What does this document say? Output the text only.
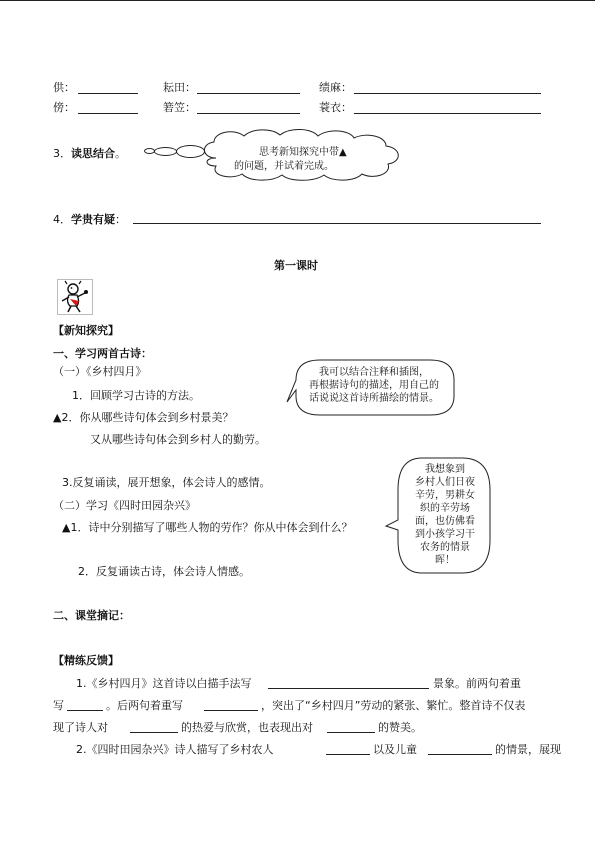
供：	耘田：	绩麻：
傍：	箬笠：	蓑衣：
3．读思结合。	思考新知探究中带▲
的问题，并试着完成。
4．学贵有疑：
第一课时
【新知探究】
一、学习两首古诗：
（一）《乡村四月》
1．回顾学习古诗的方法。
▲2．你从哪些诗句体会到乡村景美？
又从哪些诗句体会到乡村人的勤劳。
我可以结合注释和插图，
再根据诗句的描述，用自己的
话说说这首诗所描绘的情景。
3.反复诵读，展开想象，体会诗人的感情。
（二）学习《四时田园杂兴》
▲1．诗中分别描写了哪些人物的劳作？你从中体会到什么？
2．反复诵读古诗，体会诗人情感。
我想象到
乡村人们日夜
辛劳，男耕女
织的辛劳场
面，也仿佛看
到小孩学习干
农务的情景
晖！
二、课堂摘记：
【精练反馈】
1.《乡村四月》这首诗以白描手法写	景象。前两句着重
写	。后两句着重写	，突出了“乡村四月”劳动的紧张、繁忙。整首诗不仅表
现了诗人对	的热爱与欣赏，也表现出对	的赞美。
2.《四时田园杂兴》诗人描写了乡村农人	以及儿童	的情景，展现
